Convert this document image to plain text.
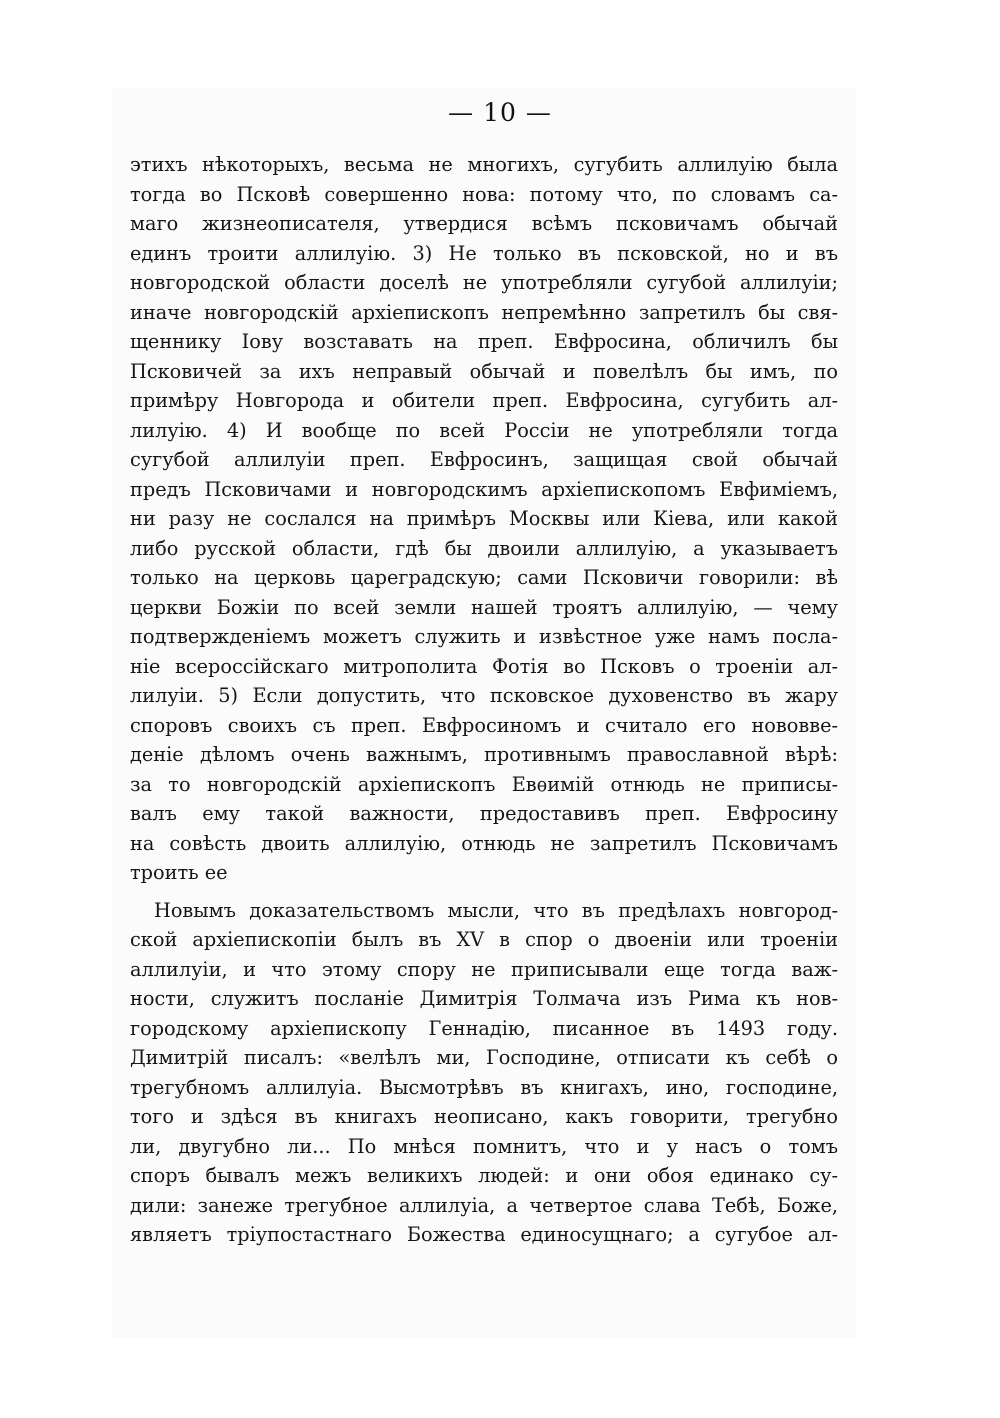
— 10 —
этихъ нѣкоторыхъ, весьма не многихъ, сугубить аллилуію была
тогда во Псковѣ совершенно нова: потому что, по словамъ са-
маго жизнеописателя, утвердися всѣмъ псковичамъ обычай
единъ троити аллилуію. 3) Не только въ псковской, но и въ
новгородской области доселѣ не употребляли сугубой аллилуіи;
иначе новгородскій архіепископъ непремѣнно запретилъ бы свя-
щеннику Іову возставать на преп. Евфросина, обличилъ бы
Псковичей за ихъ неправый обычай и повелѣлъ бы имъ, по
примѣру Новгорода и обители преп. Евфросина, сугубить ал-
лилуію. 4) И вообще по всей Россіи не употребляли тогда
сугубой аллилуіи преп. Евфросинъ, защищая свой обычай
предъ Псковичами и новгородскимъ архіепископомъ Евфиміемъ,
ни разу не сослался на примѣръ Москвы или Кіева, или какой
либо русской области, гдѣ бы двоили аллилуію, а указываетъ
только на церковь цареградскую; сами Псковичи говорили: вѣ
церкви Божіи по всей земли нашей троятъ аллилуію, — чему
подтвержденіемъ можетъ служить и извѣстное уже намъ посла-
ніе всероссійскаго митрополита Фотія во Псковъ о троеніи ал-
лилуіи. 5) Если допустить, что псковское духовенство въ жару
споровъ своихъ съ преп. Евфросиномъ и считало его нововве-
деніе дѣломъ очень важнымъ, противнымъ православной вѣрѣ:
за то новгородскій архіепископъ Евѳимій отнюдь не приписы-
валъ ему такой важности, предоставивъ преп. Евфросину
на совѣсть двоить аллилуію, отнюдь не запретилъ Псковичамъ
троить ее
Новымъ доказательствомъ мысли, что въ предѣлахъ новгород-
ской архіепископіи былъ въ XV в спор о двоеніи или троеніи
аллилуіи, и что этому спору не приписывали еще тогда важ-
ности, служитъ посланіе Димитрія Толмача изъ Рима къ нов-
городскому архіепископу Геннадію, писанное въ 1493 году.
Димитрій писалъ: «велѣлъ ми, Господине, отписати къ себѣ о
трегубномъ аллилуіа. Высмотрѣвъ въ книгахъ, ино, господине,
того и здѣся въ книгахъ неописано, какъ говорити, трегубно
ли, двугубно ли... По мнѣся помнитъ, что и у насъ о томъ
споръ бывалъ межъ великихъ людей: и они обоя единако су-
дили: занеже трегубное аллилуіа, а четвертое слава Тебѣ, Боже,
являетъ тріупостастнаго Божества единосущнаго; а сугубое ал-
